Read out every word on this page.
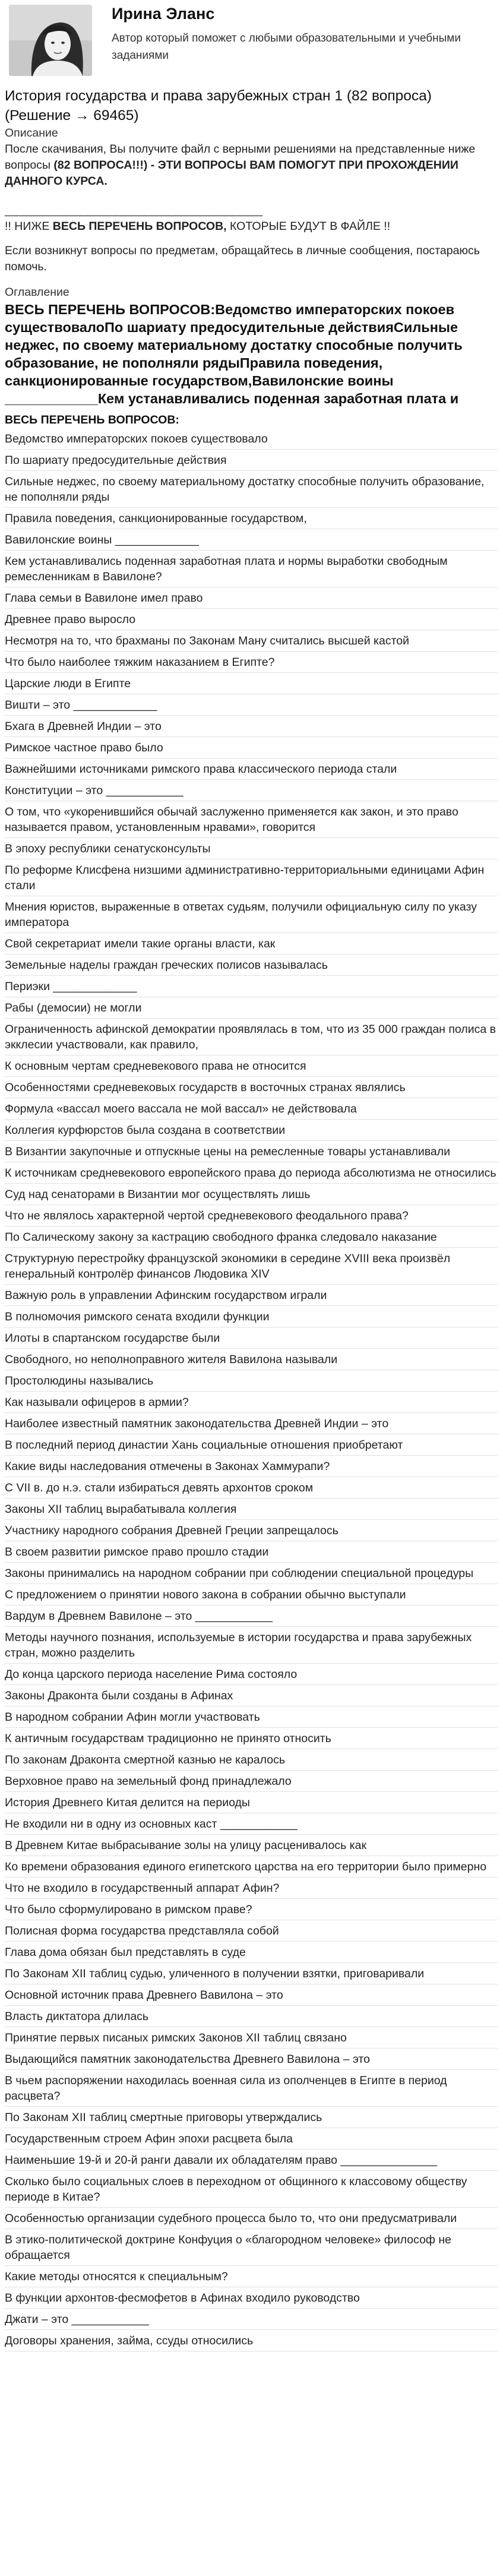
Ирина Эланс
Автор который поможет с любыми образовательными и учебными заданиями
История государства и права зарубежных стран 1 (82 вопроса) (Решение → 69465)
Описание
После скачивания, Вы получите файл с верными решениями на представленные ниже вопросы (82 ВОПРОСА!!!) - ЭТИ ВОПРОСЫ ВАМ ПОМОГУТ ПРИ ПРОХОЖДЕНИИ ДАННОГО КУРСА.
____________________________________________
!! НИЖЕ ВЕСЬ ПЕРЕЧЕНЬ ВОПРОСОВ, КОТОРЫЕ БУДУТ В ФАЙЛЕ !!
Если возникнут вопросы по предметам, обращайтесь в личные сообщения, постараюсь помочь.
Оглавление
ВЕСЬ ПЕРЕЧЕНЬ ВОПРОСОВ:Ведомство императорских покоев существовалоПо шариату предосудительные действияСильные неджес, по своему материальному достатку способные получить образование, не пополняли рядыПравила поведения, санкционированные государством,Вавилонские воины ____________Кем устанавливались поденная заработная плата и
ВЕСЬ ПЕРЕЧЕНЬ ВОПРОСОВ:
Ведомство императорских покоев существовало
По шариату предосудительные действия
Сильные неджес, по своему материальному достатку способные получить образование, не пополняли ряды
Правила поведения, санкционированные государством,
Вавилонские воины _____________
Кем устанавливались поденная заработная плата и нормы выработки свободным ремесленникам в Вавилоне?
Глава семьи в Вавилоне имел право
Древнее право выросло
Несмотря на то, что брахманы по Законам Ману считались высшей кастой
Что было наиболее тяжким наказанием в Египте?
Царские люди в Египте
Вишти – это _____________
Бхага в Древней Индии – это
Римское частное право было
Важнейшими источниками римского права классического периода стали
Конституции – это ____________
О том, что «укоренившийся обычай заслуженно применяется как закон, и это право называется правом, установленным нравами», говорится
В эпоху республики сенатусконсульты
По реформе Клисфена низшими административно-территориальными единицами Афин стали
Мнения юристов, выраженные в ответах судьям, получили официальную силу по указу императора
Свой секретариат имели такие органы власти, как
Земельные наделы граждан греческих полисов называлась
Периэки _____________
Рабы (демосии) не могли
Ограниченность афинской демократии проявлялась в том, что из 35 000 граждан полиса в экклесии участвовали, как правило,
К основным чертам средневекового права не относится
Особенностями средневековых государств в восточных странах являлись
Формула «вассал моего вассала не мой вассал» не действовала
Коллегия курфюрстов была создана в соответствии
В Византии закупочные и отпускные цены на ремесленные товары устанавливали
К источникам средневекового европейского права до периода абсолютизма не относились
Суд над сенаторами в Византии мог осуществлять лишь
Что не являлось характерной чертой средневекового феодального права?
По Салическому закону за кастрацию свободного франка следовало наказание
Структурную перестройку французской экономики в середине XVIII века произвёл генеральный контролёр финансов Людовика XIV
Важную роль в управлении Афинским государством играли
В полномочия римского сената входили функции
Илоты в спартанском государстве были
Свободного, но неполноправного жителя Вавилона называли
Простолюдины назывались
Как называли офицеров в армии?
Наиболее известный памятник законодательства Древней Индии – это
В последний период династии Хань социальные отношения приобретают
Какие виды наследования отмечены в Законах Хаммурапи?
С VII в. до н.э. стали избираться девять архонтов сроком
Законы XII таблиц вырабатывала коллегия
Участнику народного собрания Древней Греции запрещалось
В своем развитии римское право прошло стадии
Законы принимались на народном собрании при соблюдении специальной процедуры
С предложением о принятии нового закона в собрании обычно выступали
Вардум в Древнем Вавилоне – это ____________
Методы научного познания, используемые в истории государства и права зарубежных стран, можно разделить
До конца царского периода население Рима состояло
Законы Драконта были созданы в Афинах
В народном собрании Афин могли участвовать
К античным государствам традиционно не принято относить
По законам Драконта смертной казнью не каралось
Верховное право на земельный фонд принадлежало
История Древнего Китая делится на периоды
Не входили ни в одну из основных каст ____________
В Древнем Китае выбрасывание золы на улицу расценивалось как
Ко времени образования единого египетского царства на его территории было примерно
Что не входило в государственный аппарат Афин?
Что было сформулировано в римском праве?
Полисная форма государства представляла собой
Глава дома обязан был представлять в суде
По Законам XII таблиц судью, уличенного в получении взятки, приговаривали
Основной источник права Древнего Вавилона – это
Власть диктатора длилась
Принятие первых писаных римских Законов XII таблиц связано
Выдающийся памятник законодательства Древнего Вавилона – это
В чьем распоряжении находилась военная сила из ополченцев в Египте в период расцвета?
По Законам XII таблиц смертные приговоры утверждались
Государственным строем Афин эпохи расцвета была
Наименьшие 19-й и 20-й ранги давали их обладателям право _______________
Сколько было социальных слоев в переходном от общинного к классовому обществу периоде в Китае?
Особенностью организации судебного процесса было то, что они предусматривали
В этико-политической доктрине Конфуция о «благородном человеке» философ не обращается
Какие методы относятся к специальным?
В функции архонтов-фесмофетов в Афинах входило руководство
Джати – это ____________
Договоры хранения, займа, ссуды относились
